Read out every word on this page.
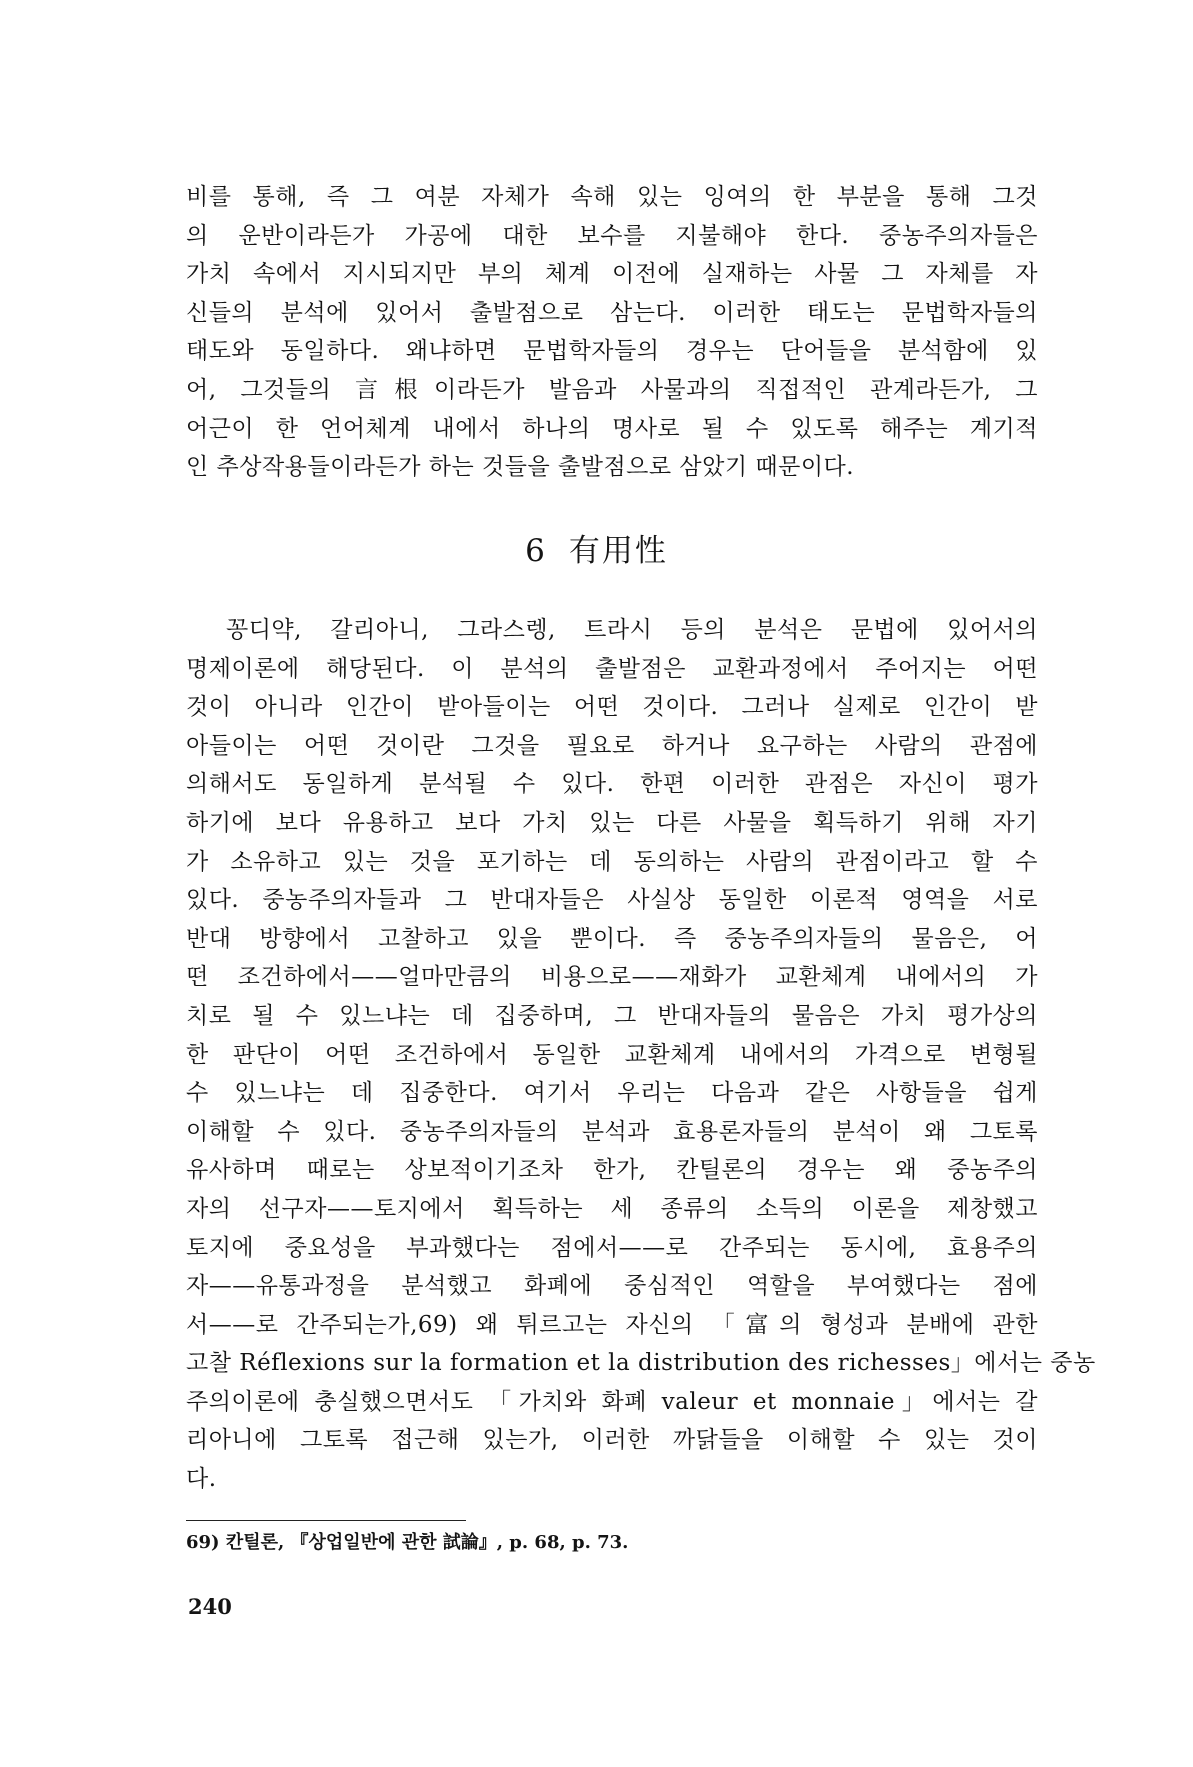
비를 통해, 즉 그 여분 자체가 속해 있는 잉여의 한 부분을 통해 그것
의 운반이라든가 가공에 대한 보수를 지불해야 한다. 중농주의자들은
가치 속에서 지시되지만 부의 체계 이전에 실재하는 사물 그 자체를 자
신들의 분석에 있어서 출발점으로 삼는다. 이러한 태도는 문법학자들의
태도와 동일하다. 왜냐하면 문법학자들의 경우는 단어들을 분석함에 있
어, 그것들의 言根이라든가 발음과 사물과의 직접적인 관계라든가, 그
어근이 한 언어체계 내에서 하나의 명사로 될 수 있도록 해주는 계기적
인 추상작용들이라든가 하는 것들을 출발점으로 삼았기 때문이다.
6 有用性
꽁디약, 갈리아니, 그라스렝, 트라시 등의 분석은 문법에 있어서의
명제이론에 해당된다. 이 분석의 출발점은 교환과정에서 주어지는 어떤
것이 아니라 인간이 받아들이는 어떤 것이다. 그러나 실제로 인간이 받
아들이는 어떤 것이란 그것을 필요로 하거나 요구하는 사람의 관점에
의해서도 동일하게 분석될 수 있다. 한편 이러한 관점은 자신이 평가
하기에 보다 유용하고 보다 가치 있는 다른 사물을 획득하기 위해 자기
가 소유하고 있는 것을 포기하는 데 동의하는 사람의 관점이라고 할 수
있다. 중농주의자들과 그 반대자들은 사실상 동일한 이론적 영역을 서로
반대 방향에서 고찰하고 있을 뿐이다. 즉 중농주의자들의 물음은, 어
떤 조건하에서——얼마만큼의 비용으로——재화가 교환체계 내에서의 가
치로 될 수 있느냐는 데 집중하며, 그 반대자들의 물음은 가치 평가상의
한 판단이 어떤 조건하에서 동일한 교환체계 내에서의 가격으로 변형될
수 있느냐는 데 집중한다. 여기서 우리는 다음과 같은 사항들을 쉽게
이해할 수 있다. 중농주의자들의 분석과 효용론자들의 분석이 왜 그토록
유사하며 때로는 상보적이기조차 한가, 칸틸론의 경우는 왜 중농주의
자의 선구자——토지에서 획득하는 세 종류의 소득의 이론을 제창했고
토지에 중요성을 부과했다는 점에서——로 간주되는 동시에, 효용주의
자——유통과정을 분석했고 화폐에 중심적인 역할을 부여했다는 점에
서——로 간주되는가,69) 왜 튀르고는 자신의 「富의 형성과 분배에 관한
고찰 Réflexions sur la formation et la distribution des richesses」에서는 중농
주의이론에 충실했으면서도 「가치와 화폐 valeur et monnaie」에서는 갈
리아니에 그토록 접근해 있는가, 이러한 까닭들을 이해할 수 있는 것이
다.
69) 칸틸론, 『상업일반에 관한 試論』, p. 68, p. 73.
240
